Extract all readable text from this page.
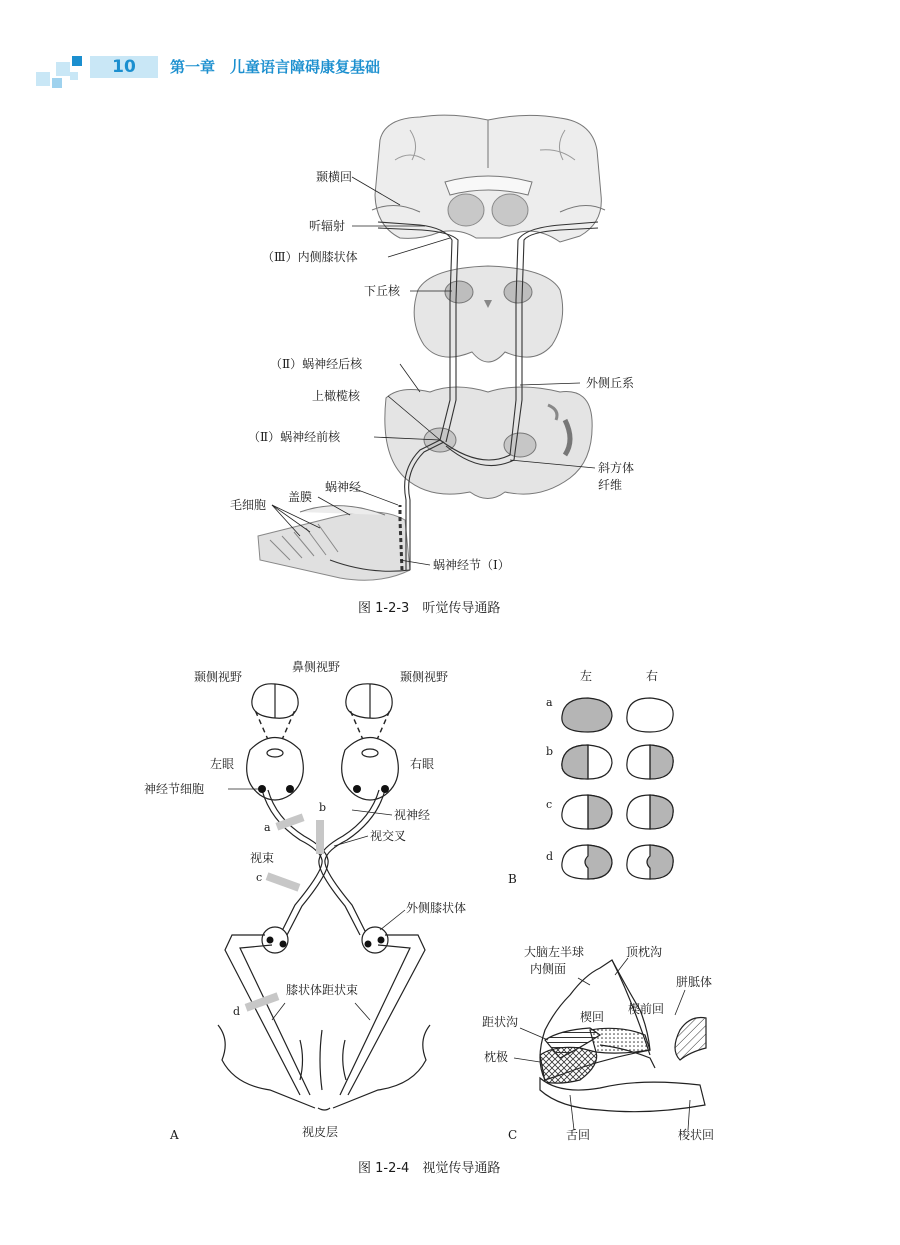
10	第一章　儿童语言障碍康复基础
颞横回
听辐射
（Ⅲ）内侧膝状体
下丘核
（Ⅱ）蜗神经后核
外侧丘系
上橄榄核
（Ⅱ）蜗神经前核
斜方体
纤维
蜗神经
盖膜
毛细胞
蜗神经节（Ⅰ）
图 1-2-3　听觉传导通路
鼻侧视野
颞侧视野	颞侧视野
左眼	右眼
神经节细胞
视神经
视交叉
视束
外侧膝状体
膝状体距状束
视皮层
a
b
c
d
A
左	右
a
b
c
d
B
大脑左半球
内侧面
顶枕沟
胼胝体
楔回
楔前回
距状沟
枕极
舌回	梭状回
C
图 1-2-4　视觉传导通路
